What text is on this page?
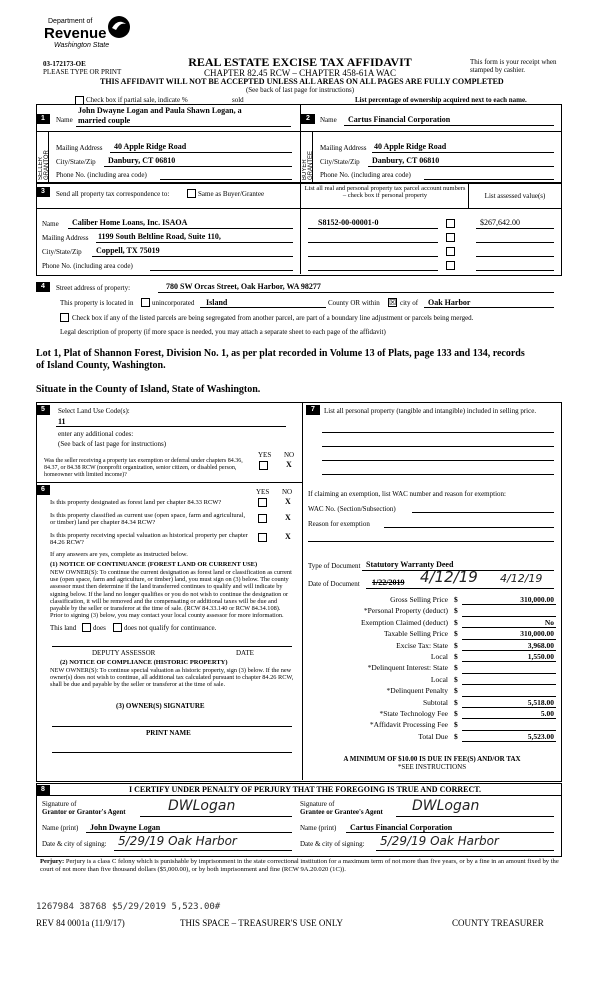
Department of
Revenue
Washington State
03-172173-OE
PLEASE TYPE OR PRINT
REAL ESTATE EXCISE TAX AFFIDAVIT
CHAPTER 82.45 RCW – CHAPTER 458-61A WAC
THIS AFFIDAVIT WILL NOT BE ACCEPTED UNLESS ALL AREAS ON ALL PAGES ARE FULLY COMPLETED
(See back of last page for instructions)
This form is your receipt when stamped by cashier.
Check box if partial sale, indicate %	sold	List percentage of ownership acquired next to each name.
1
SELLER GRANTOR
Name
John Dwayne Logan and Paula Shawn Logan, a
married couple
Mailing Address 40 Apple Ridge Road
City/State/Zip Danbury, CT 06810
Phone No. (including area code)
2
BUYER GRANTEE
Name Cartus Financial Corporation
Mailing Address 40 Apple Ridge Road
City/State/Zip Danbury, CT 06810
Phone No. (including area code)
3	Send all property tax correspondence to:	Same as Buyer/Grantee
Name Caliber Home Loans, Inc. ISAOA
Mailing Address 1199 South Beltline Road, Suite 110,
City/State/Zip Coppell, TX 75019
Phone No. (including area code)
List all real and personal property tax parcel account numbers – check box if personal property	List assessed value(s)
S8152-00-00001-0	$267,642.00
4	Street address of property:	780 SW Orcas Street, Oak Harbor, WA 98277
This property is located in	unincorporated Island	County OR within ☒ city of Oak Harbor
Check box if any of the listed parcels are being segregated from another parcel, are part of a boundary line adjustment or parcels being merged.
Legal description of property (if more space is needed, you may attach a separate sheet to each page of the affidavit)
Lot 1, Plat of Shannon Forest, Division No. 1, as per plat recorded in Volume 13 of Plats, page 133 and 134, records
of Island County, Washington.
Situate in the County of Island, State of Washington.
5	Select Land Use Code(s):
11
enter any additional codes:
(See back of last page for instructions)
YES NO
Was the seller receiving a property tax exemption or deferral under chapters 84.36, 84.37, or 84.38 RCW (nonprofit organization, senior citizen, or disabled person, homeowner with limited income)?
X
6	YES NO
Is this property designated as forest land per chapter 84.33 RCW?	X
Is this property classified as current use (open space, farm and agricultural, or timber) land per chapter 84.34 RCW?
X
Is this property receiving special valuation as historical property per chapter 84.26 RCW?
X
If any answers are yes, complete as instructed below.
(1) NOTICE OF CONTINUANCE (FOREST LAND OR CURRENT USE)
NEW OWNER(S): To continue the current designation as forest land or classification as current use (open space, farm and agriculture, or timber) land, you must sign on (3) below. The county assessor must then determine if the land transferred continues to qualify and will indicate by signing below. If the land no longer qualifies or you do not wish to continue the designation or classification, it will be removed and the compensating or additional taxes will be due and payable by the seller or transferor at the time of sale. (RCW 84.33.140 or RCW 84.34.108). Prior to signing (3) below, you may contact your local county assessor for more information.
This land does	does not qualify for continuance.
DEPUTY ASSESSOR	DATE
(2) NOTICE OF COMPLIANCE (HISTORIC PROPERTY)
NEW OWNER(S): To continue special valuation as historic property, sign (3) below. If the new owner(s) does not wish to continue, all additional tax calculated pursuant to chapter 84.26 RCW, shall be due and payable by the seller or transferor at the time of sale.
(3) OWNER(S) SIGNATURE
PRINT NAME
7	List all personal property (tangible and intangible) included in selling price.
If claiming an exemption, list WAC number and reason for exemption:
WAC No. (Section/Subsection)
Reason for exemption
Type of Document Statutory Warranty Deed
Date of Document 1/22/2019 4/12/19 4/12/19
Gross Selling Price $	310,000.00
*Personal Property (deduct) $
Exemption Claimed (deduct) $	No
Taxable Selling Price $	310,000.00
Excise Tax: State $	3,968.00
Local $	1,550.00
*Delinquent Interest: State $
Local $
*Delinquent Penalty $
Subtotal $	5,518.00
*State Technology Fee $	5.00
*Affidavit Processing Fee $
Total Due $	5,523.00
A MINIMUM OF $10.00 IS DUE IN FEE(S) AND/OR TAX
*SEE INSTRUCTIONS
8	I CERTIFY UNDER PENALTY OF PERJURY THAT THE FOREGOING IS TRUE AND CORRECT.
Signature of
Grantor or Grantor's Agent	DWLogan
Name (print) John Dwayne Logan
Date & city of signing: 5/29/19 Oak Harbor
Signature of
Grantee or Grantee's Agent DWLogan
Name (print) Cartus Financial Corporation
Date & city of signing: 5/29/19 Oak Harbor
Perjury: Perjury is a class C felony which is punishable by imprisonment in the state correctional institution for a maximum term of not more than five years, or by a fine in an amount fixed by the court of not more than five thousand dollars ($5,000.00), or by both imprisonment and fine (RCW 9A.20.020 (1C)).
1267984 38768 $5/29/2019 5,523.00#
REV 84 0001a (11/9/17)	THIS SPACE – TREASURER'S USE ONLY	COUNTY TREASURER
